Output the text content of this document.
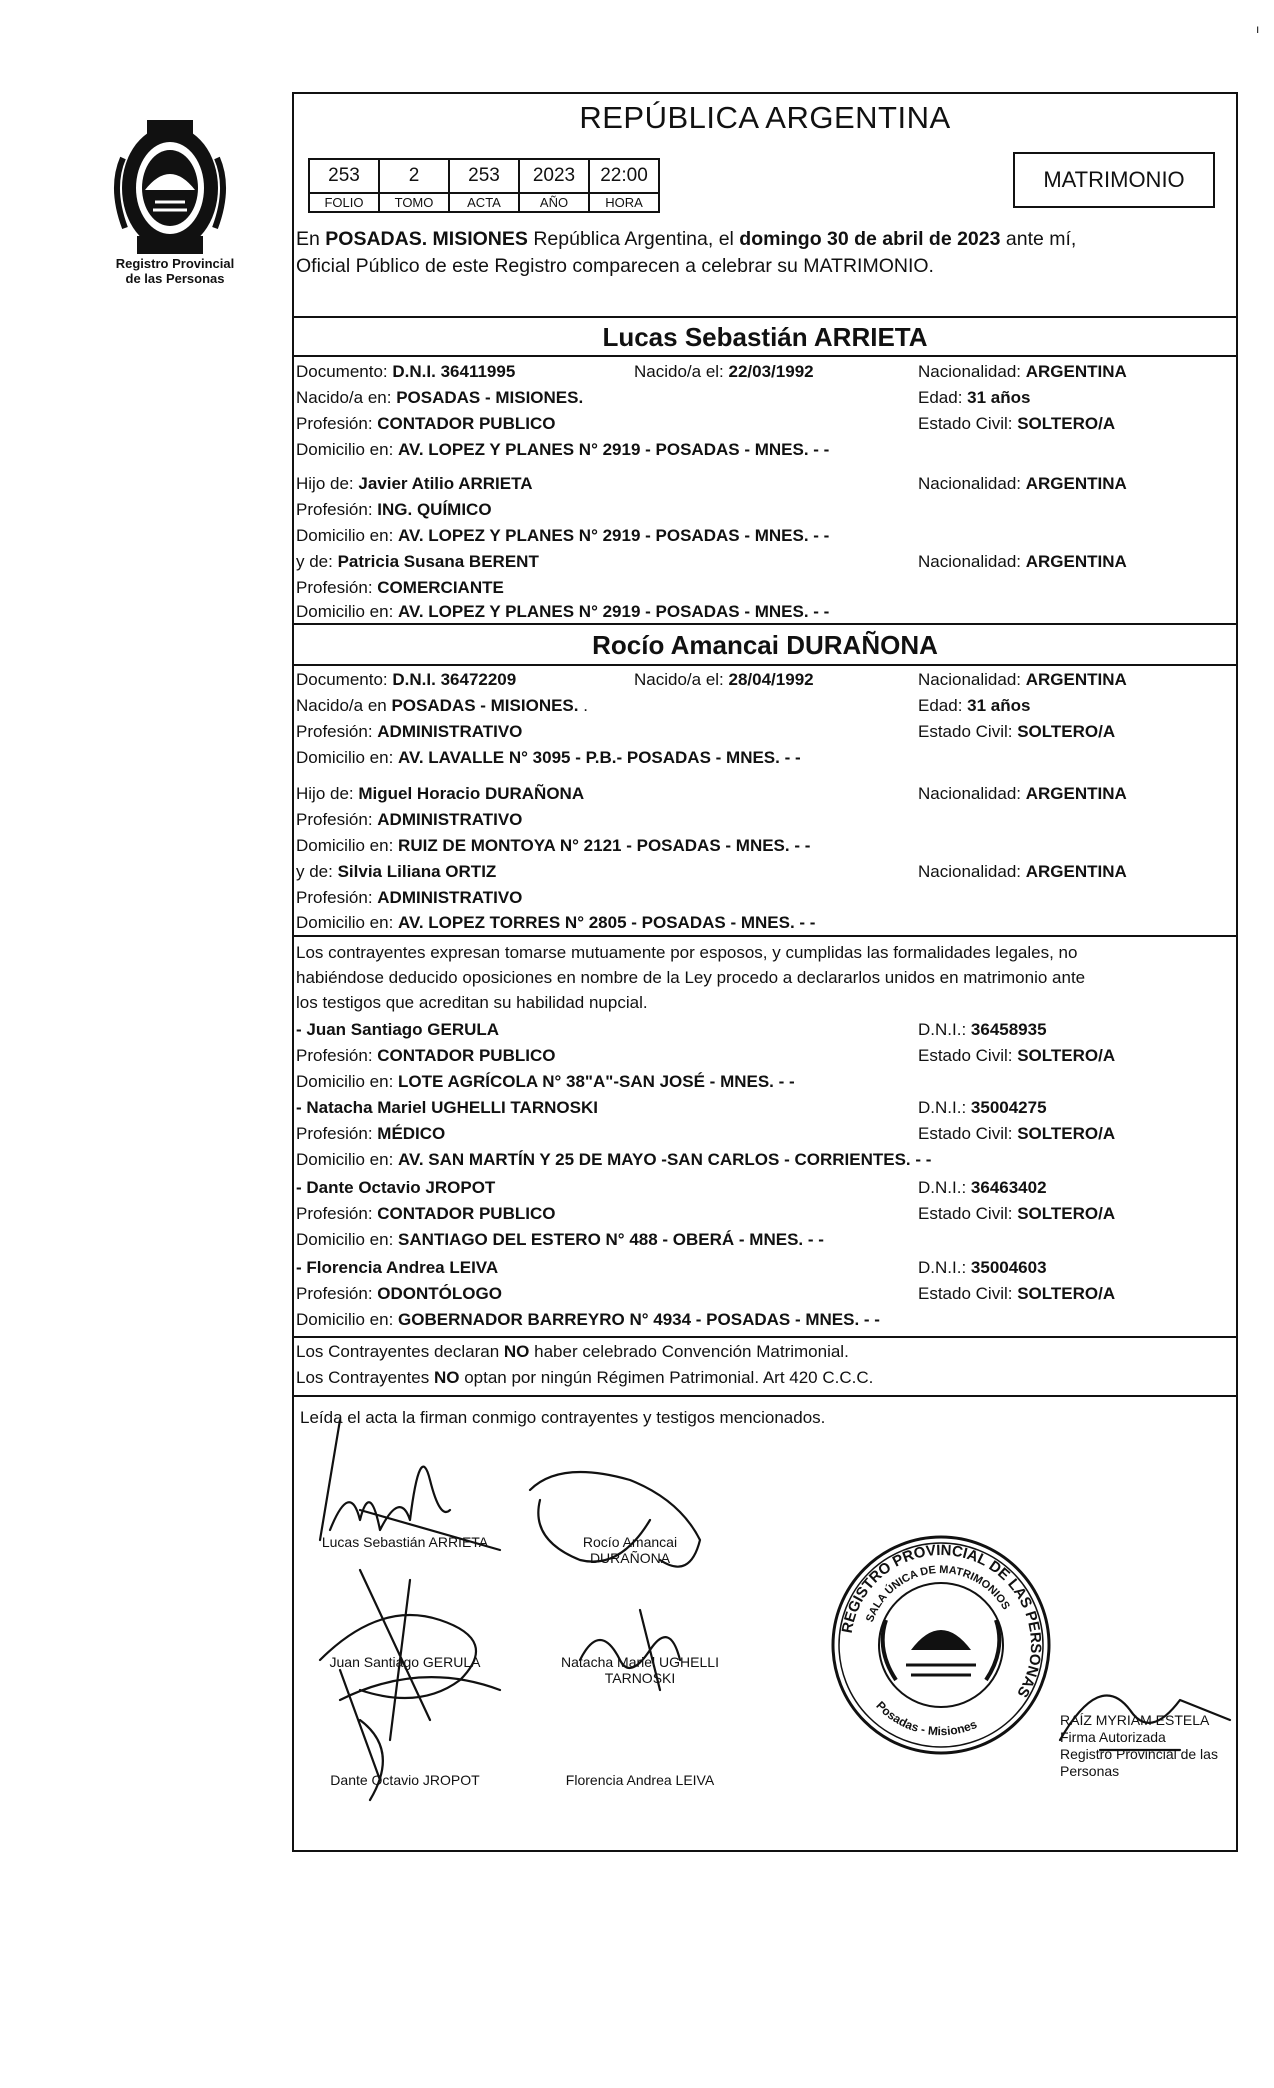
ı
Registro Provincial
de las Personas
REPÚBLICA ARGENTINA
253	2	253	2023	22:00
FOLIO	TOMO	ACTA	AÑO	HORA
MATRIMONIO
En POSADAS. MISIONES República Argentina, el domingo 30 de abril de 2023 ante mí,
Oficial Público de este Registro comparecen a celebrar su MATRIMONIO.
Lucas Sebastián ARRIETA
Documento: D.N.I. 36411995	Nacido/a el: 22/03/1992	Nacionalidad: ARGENTINA
Nacido/a en: POSADAS - MISIONES.	Edad: 31 años
Profesión: CONTADOR PUBLICO	Estado Civil: SOLTERO/A
Domicilio en: AV. LOPEZ Y PLANES N° 2919 - POSADAS - MNES. - -
Hijo de: Javier Atilio ARRIETA	Nacionalidad: ARGENTINA
Profesión: ING. QUÍMICO
Domicilio en: AV. LOPEZ Y PLANES N° 2919 - POSADAS - MNES. - -
y de: Patricia Susana BERENT	Nacionalidad: ARGENTINA
Profesión: COMERCIANTE
Domicilio en: AV. LOPEZ Y PLANES N° 2919 - POSADAS - MNES. - -
Rocío Amancai DURAÑONA
Documento: D.N.I. 36472209	Nacido/a el: 28/04/1992	Nacionalidad: ARGENTINA
Nacido/a en POSADAS - MISIONES. .	Edad: 31 años
Profesión: ADMINISTRATIVO	Estado Civil: SOLTERO/A
Domicilio en: AV. LAVALLE N° 3095 - P.B.- POSADAS - MNES. - -
Hijo de: Miguel Horacio DURAÑONA	Nacionalidad: ARGENTINA
Profesión: ADMINISTRATIVO
Domicilio en: RUIZ DE MONTOYA N° 2121 - POSADAS - MNES. - -
y de: Silvia Liliana ORTIZ	Nacionalidad: ARGENTINA
Profesión: ADMINISTRATIVO
Domicilio en: AV. LOPEZ TORRES N° 2805 - POSADAS - MNES. - -
Los contrayentes expresan tomarse mutuamente por esposos, y cumplidas las formalidades legales, no
habiéndose deducido oposiciones en nombre de la Ley procedo a declararlos unidos en matrimonio ante
los testigos que acreditan su habilidad nupcial.
- Juan Santiago GERULA	D.N.I.: 36458935
Profesión: CONTADOR PUBLICO	Estado Civil: SOLTERO/A
Domicilio en: LOTE AGRÍCOLA N° 38"A"-SAN JOSÉ - MNES. - -
- Natacha Mariel UGHELLI TARNOSKI	D.N.I.: 35004275
Profesión: MÉDICO	Estado Civil: SOLTERO/A
Domicilio en: AV. SAN MARTÍN Y 25 DE MAYO -SAN CARLOS - CORRIENTES. - -
- Dante Octavio JROPOT	D.N.I.: 36463402
Profesión: CONTADOR PUBLICO	Estado Civil: SOLTERO/A
Domicilio en: SANTIAGO DEL ESTERO N° 488 - OBERÁ - MNES. - -
- Florencia Andrea LEIVA	D.N.I.: 35004603
Profesión: ODONTÓLOGO	Estado Civil: SOLTERO/A
Domicilio en: GOBERNADOR BARREYRO N° 4934 - POSADAS - MNES. - -
Los Contrayentes declaran NO haber celebrado Convención Matrimonial.
Los Contrayentes NO optan por ningún Régimen Patrimonial. Art 420 C.C.C.
Leída el acta la firman conmigo contrayentes y testigos mencionados.
Lucas Sebastián ARRIETA	Rocío Amancai
DURAÑONA
Juan Santiago GERULA	Natacha Mariel UGHELLI
TARNOSKI
Dante Octavio JROPOT	Florencia Andrea LEIVA
REGISTRO PROVINCIAL DE LAS PERSONAS
SALA ÚNICA DE MATRIMONIOS
Posadas - Misiones	RAÍZ MYRIAM ESTELA
Firma Autorizada
Registro Provincial de las Personas
